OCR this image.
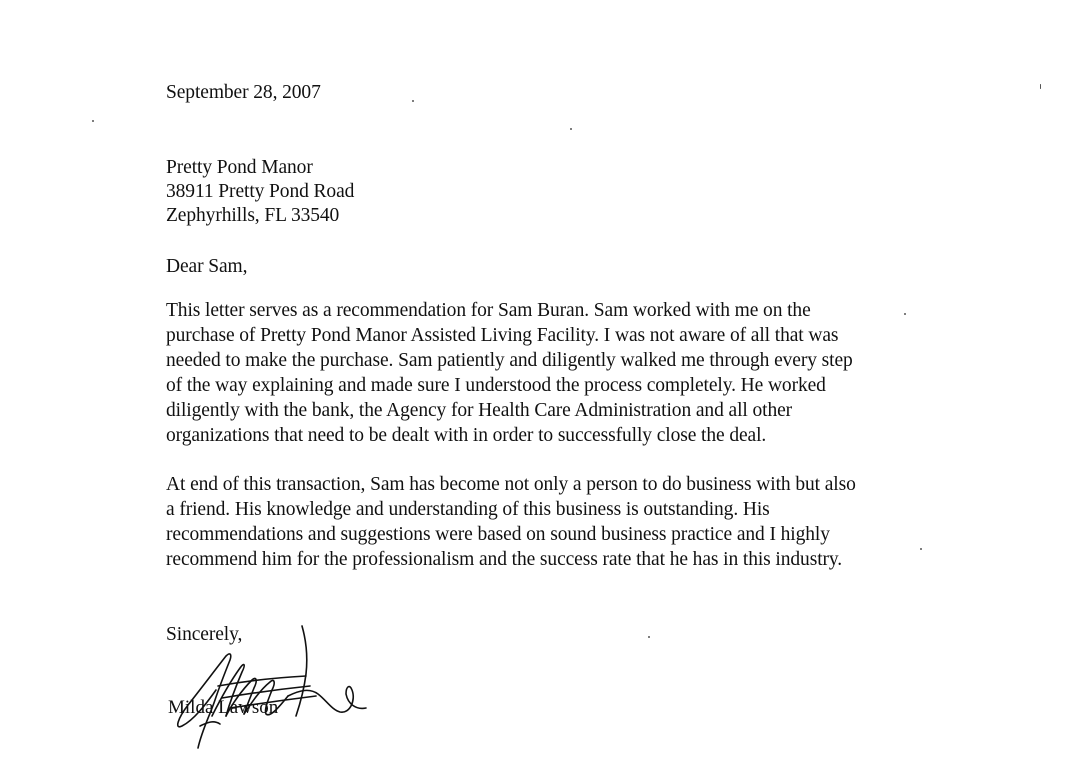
September 28, 2007
Pretty Pond Manor
38911 Pretty Pond Road
Zephyrhills, FL 33540
Dear Sam,
This letter serves as a recommendation for Sam Buran. Sam worked with me on the
purchase of Pretty Pond Manor Assisted Living Facility. I was not aware of all that was
needed to make the purchase. Sam patiently and diligently walked me through every step
of the way explaining and made sure I understood the process completely. He worked
diligently with the bank, the Agency for Health Care Administration and all other
organizations that need to be dealt with in order to successfully close the deal.
At end of this transaction, Sam has become not only a person to do business with but also
a friend. His knowledge and understanding of this business is outstanding. His
recommendations and suggestions were based on sound business practice and I highly
recommend him for the professionalism and the success rate that he has in this industry.
Sincerely,
Milda Lawson
